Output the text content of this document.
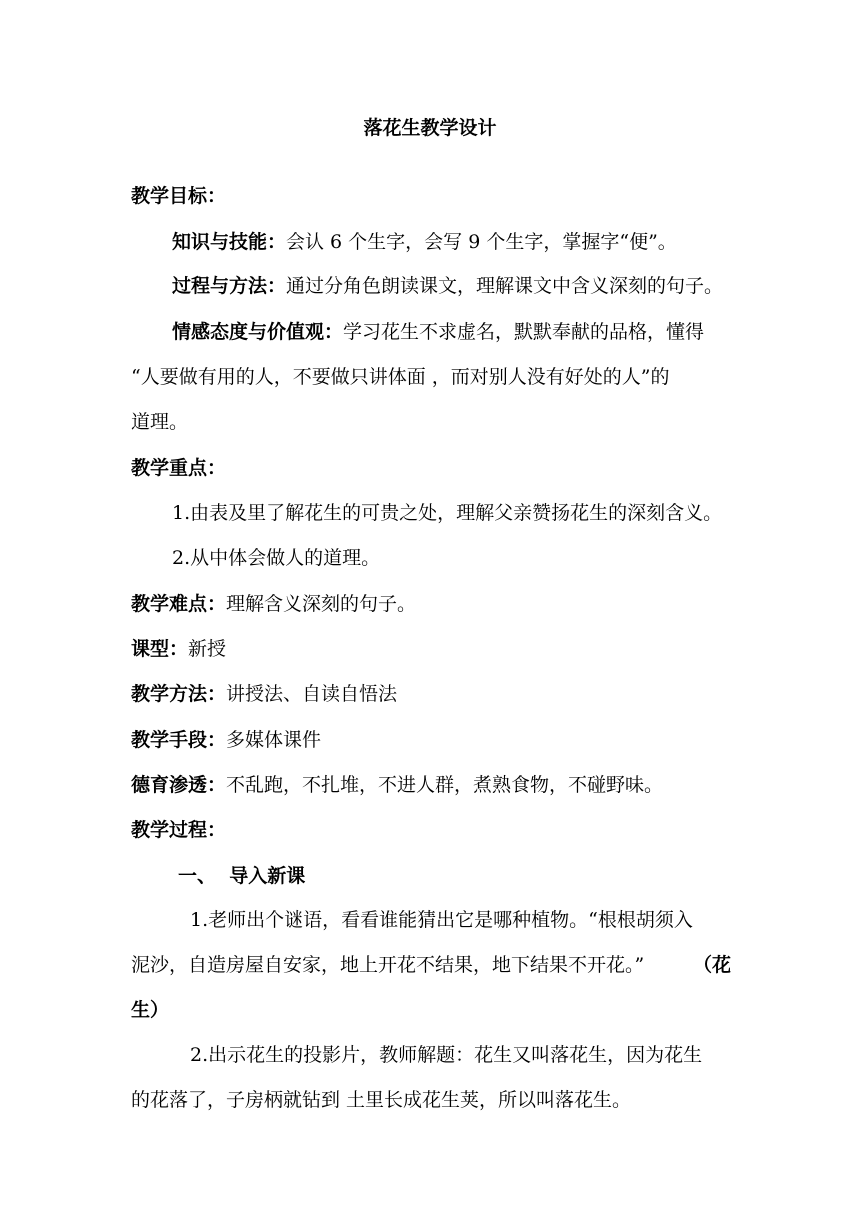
落花生教学设计
教学目标：
知识与技能：会认 6 个生字，会写 9 个生字，掌握字“便”。
过程与方法：通过分角色朗读课文，理解课文中含义深刻的句子。
情感态度与价值观：学习花生不求虚名，默默奉献的品格，懂得
“人要做有用的人，不要做只讲体面 ，而对别人没有好处的人”的
道理。
教学重点：
1.由表及里了解花生的可贵之处，理解父亲赞扬花生的深刻含义。
2.从中体会做人的道理。
教学难点：理解含义深刻的句子。
课型：新授
教学方法：讲授法、自读自悟法
教学手段：多媒体课件
德育渗透：不乱跑，不扎堆，不进人群，煮熟食物，不碰野味。
教学过程：
一、  导入新课
1.老师出个谜语，看看谁能猜出它是哪种植物。“根根胡须入
泥沙，自造房屋自安家，地上开花不结果，地下结果不开花。”	（花
生）
2.出示花生的投影片，教师解题：花生又叫落花生，因为花生
的花落了，子房柄就钻到 土里长成花生荚，所以叫落花生。
